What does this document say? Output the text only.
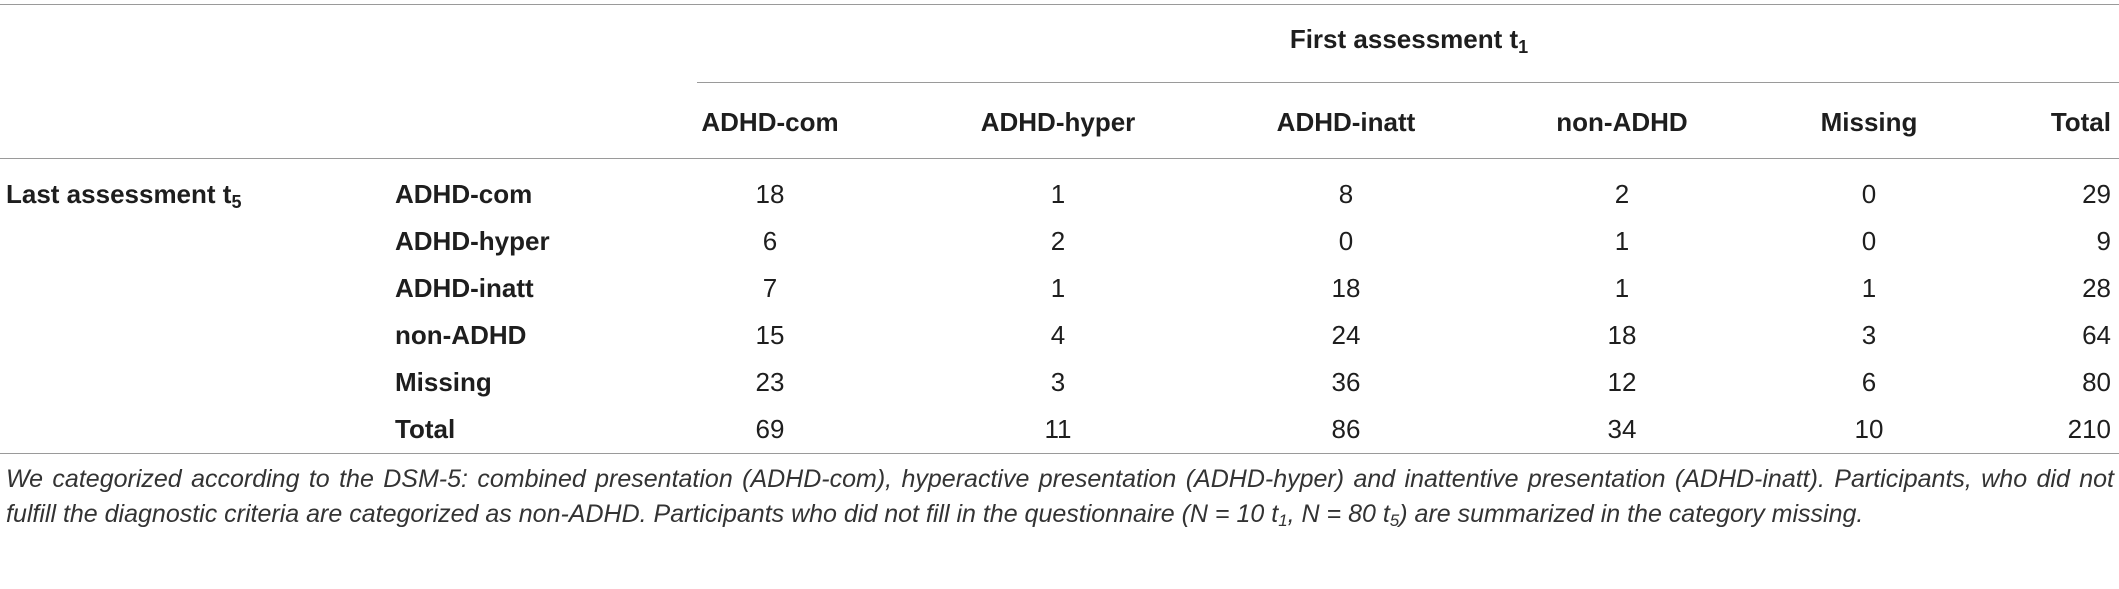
First assessment $t_1$
ADHD-com	ADHD-hyper	ADHD-inatt	non-ADHD	Missing	Total
Last assessment $t_5$	ADHD-com	18	1	8	2	0	29
ADHD-hyper	6	2	0	1	0	9
ADHD-inatt	7	1	18	1	1	28
non-ADHD	15	4	24	18	3	64
Missing	23	3	36	12	6	80
Total	69	11	86	34	10	210
We categorized according to the DSM-5: combined presentation (ADHD-com), hyperactive presentation (ADHD-hyper) and inattentive presentation (ADHD-inatt). Participants, who did not fulfill the diagnostic criteria are categorized as non-ADHD. Participants who did not fill in the questionnaire (N = 10 $t_1$, N = 80 $t_5$) are summarized in the category missing.
